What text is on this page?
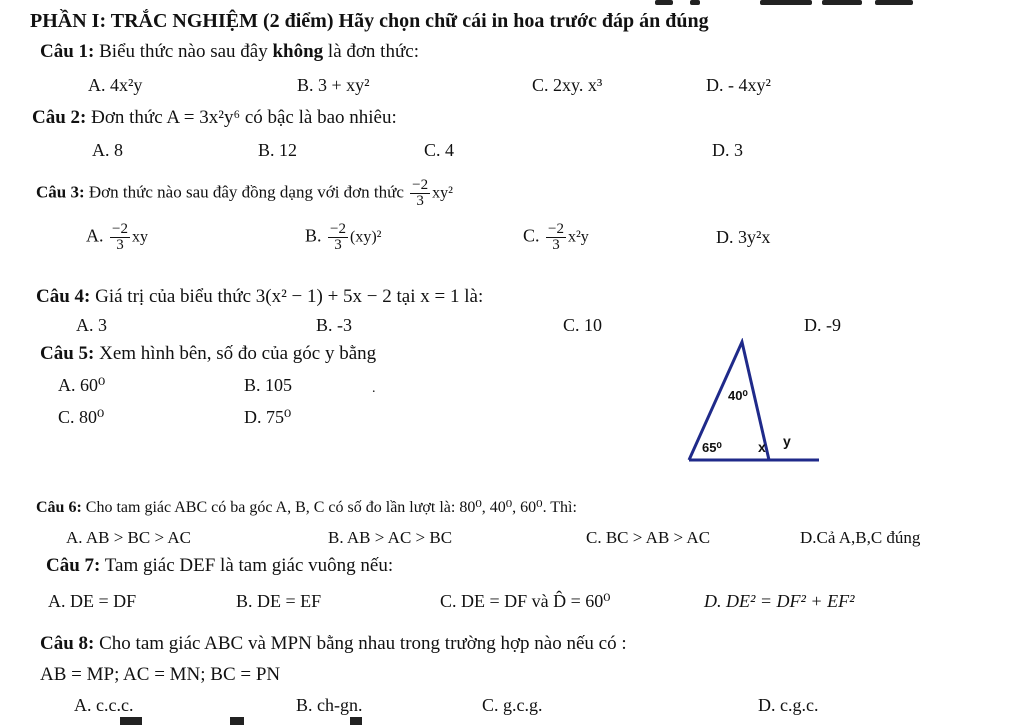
PHẦN I: TRẮC NGHIỆM (2 điểm) Hãy chọn chữ cái in hoa trước đáp án đúng
Câu 1: Biểu thức nào sau đây không là đơn thức:
A. 4x²y	B. 3 + xy²	C. 2xy. x³	D. - 4xy²
Câu 2: Đơn thức A = 3x²y⁶ có bậc là bao nhiêu:
A. 8	B. 12	C. 4	D. 3
Câu 3: Đơn thức nào sau đây đồng dạng với đơn thức $\frac{-2}{3} xy^2$
A. $\frac{-2}{3}$ xy	B. $\frac{-2}{3} (xy)^2$	C. $\frac{-2}{3} x^2y$	D. 3y²x
Câu 4: Giá trị của biểu thức 3(x² − 1) + 5x − 2 tại x = 1 là:
A. 3	B. -3	C. 10	D. -9
Câu 5: Xem hình bên, số đo của góc y bằng
A. 60⁰	B. 105
C. 80⁰	D. 75⁰
.	40⁰
65⁰	x y
Câu 6: Cho tam giác ABC có ba góc A, B, C có số đo lần lượt là: 80⁰, 40⁰, 60⁰. Thì:
A. AB > BC > AC	B. AB > AC > BC	C. BC > AB > AC	D.Cả A,B,C đúng
Câu 7: Tam giác DEF là tam giác vuông nếu:
A. DE = DF	B. DE = EF	C. DE = DF và D̂ = 60⁰	D. DE² = DF² + EF²
Câu 8: Cho tam giác ABC và MPN bằng nhau trong trường hợp nào nếu có :
AB = MP; AC = MN; BC = PN
A. c.c.c.	B. ch-gn.	C. g.c.g.	D. c.g.c.
